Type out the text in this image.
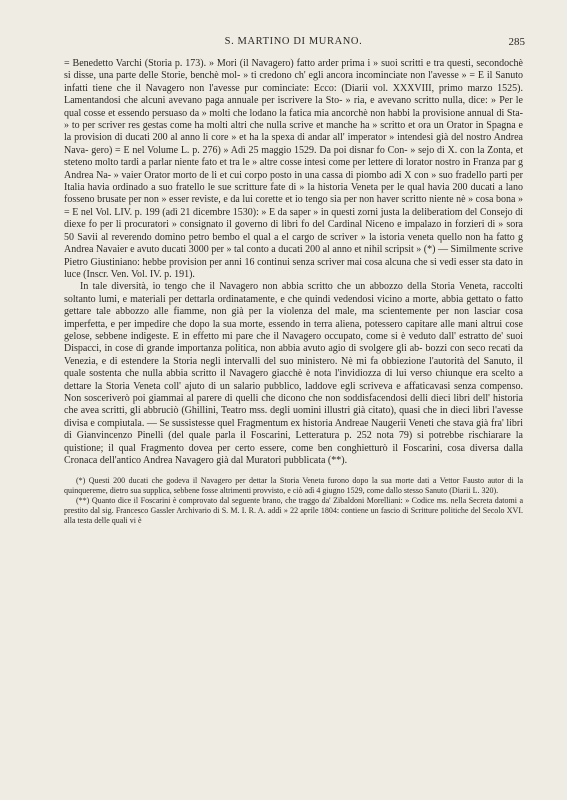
S. MARTINO DI MURANO.	285

= Benedetto Varchi (Storia p. 173). » Mori (il Navagero) fatto arder prima i » suoi scritti e tra questi, secondochè si disse, una parte delle Storie, benchè mol- » ti credono ch' egli ancora incominciate non l'avesse » = E il Sanuto infatti tiene che il Navagero non l'avesse pur cominciate: Ecco: (Diarii vol. XXXVIII, primo marzo 1525). Lamentandosi che alcuni avevano paga annuale per iscrivere la Sto- » ria, e avevano scritto nulla, dice: » Per le qual cosse et essendo persuaso da » molti che lodano la fatica mia ancorchè non habbi la provisione annual di Sta- » to per scriver res gestas come ha molti altri che nulla scrive et manche ha » scritto et ora un Orator in Spagna e la provision di ducati 200 al anno li core » et ha la spexa di andar all' imperator » intendesi già del nostro Andrea Nava- gero) = E nel Volume L. p. 276) » Adì 25 maggio 1529. Da poi disnar fo Con- » sejo di X. con la Zonta, et steteno molto tardi a parlar niente fato et tra le » altre cosse intesi come per lettere di lorator nostro in Franza par g Andrea Na- » vaier Orator morto de li et cui corpo posto in una cassa di piombo adi X con » suo fradello parti per Italia havia ordinado a suo fratello le sue scritture fate di » la historia Veneta per le qual havia 200 ducati a lano fosseno brusate per non » esser reviste, e da lui corette et io tengo sia per non haver scritto niente nè » cosa bona » = E nel Vol. LIV. p. 199 (adì 21 dicembre 1530): » E da saper » in questi zorni justa la deliberatiom del Consejo di diexe fo per li procuratori » consignato il governo di libri fo del Cardinal Niceno e impalazo in forzieri di » sora 50 Savii al reverendo domino petro bembo el qual a el cargo de scriver » la istoria veneta quello non ha fatto g Andrea Navaier e avuto ducati 3000 per » tal conto a ducati 200 al anno et nihil scripsit » (*) — Similmente scrive Pietro Giustiniano: hebbe provision per anni 16 continui senza scriver mai cosa alcuna che si vedi esser sta dato in luce (Inscr. Ven. Vol. IV. p. 191).

In tale diversità, io tengo che il Navagero non abbia scritto che un abbozzo della Storia Veneta, raccolti soltanto lumi, e materiali per dettarla ordinatamente, e che quindi vedendosi vicino a morte, abbia gettato o fatto gettare tale abbozzo alle fiamme, non già per la violenza del male, ma scientemente per non lasciar cosa imperfetta, e per impedire che dopo la sua morte, essendo in terra aliena, potessero capitare alle mani altrui cose gelose, sebbene indigeste. E in effetto mi pare che il Navagero occupato, come si è veduto dall' estratto de' suoi Dispacci, in cose di grande importanza politica, non abbia avuto agio di svolgere gli ab- bozzi con seco recati da Venezia, e di estendere la Storia negli intervalli del suo ministero. Nè mi fa obbiezione l'autorità del Sanuto, il quale sostenta che nulla abbia scritto il Navagero giacchè è nota l'invidiozza di lui verso chiunque era scelto a dettare la Storia Veneta coll' ajuto di un salario pubblico, laddove egli scriveva e affaticavasi senza compenso. Non sosceriverò poi giammai al parere di quelli che dicono che non soddisfacendosi delli dieci libri dell' historia che avea scritti, gli abbruciò (Ghillini, Teatro mss. degli uomini illustri già citato), quasi che in dieci libri l'avesse divisa e compiutala. — Se sussistesse quel Fragmentum ex historia Andreae Naugerii Veneti che stava già fra' libri di Gianvincenzo Pinelli (del quale parla il Foscarini, Letteratura p. 252 nota 79) si potrebbe rischiarare la quistione; il qual Fragmento dovea per certo essere, come ben conghietturò il Foscarini, cosa diversa dalla Cronaca dell'antico Andrea Navagero già dal Muratori pubblicata (**).

(*) Questi 200 ducati che godeva il Navagero per dettar la Storia Veneta furono dopo la sua morte dati a Vettor Fausto autor di la quinquereme, dietro sua supplica, sebbene fosse altrimenti provvisto, e ciò adì 4 giugno 1529, come dallo stesso Sanuto (Diarii L. 320).

(**) Quanto dice il Foscarini è comprovato dal seguente brano, che traggo da' Zibaldoni Morelliani: » Codice ms. nella Secreta datomi a prestito dal sig. Francesco Gassler Archivario di S. M. I. R. A. addì » 22 aprile 1804: contiene un fascio di Scritture politiche del Secolo XVI. alla testa delle quali vi è
